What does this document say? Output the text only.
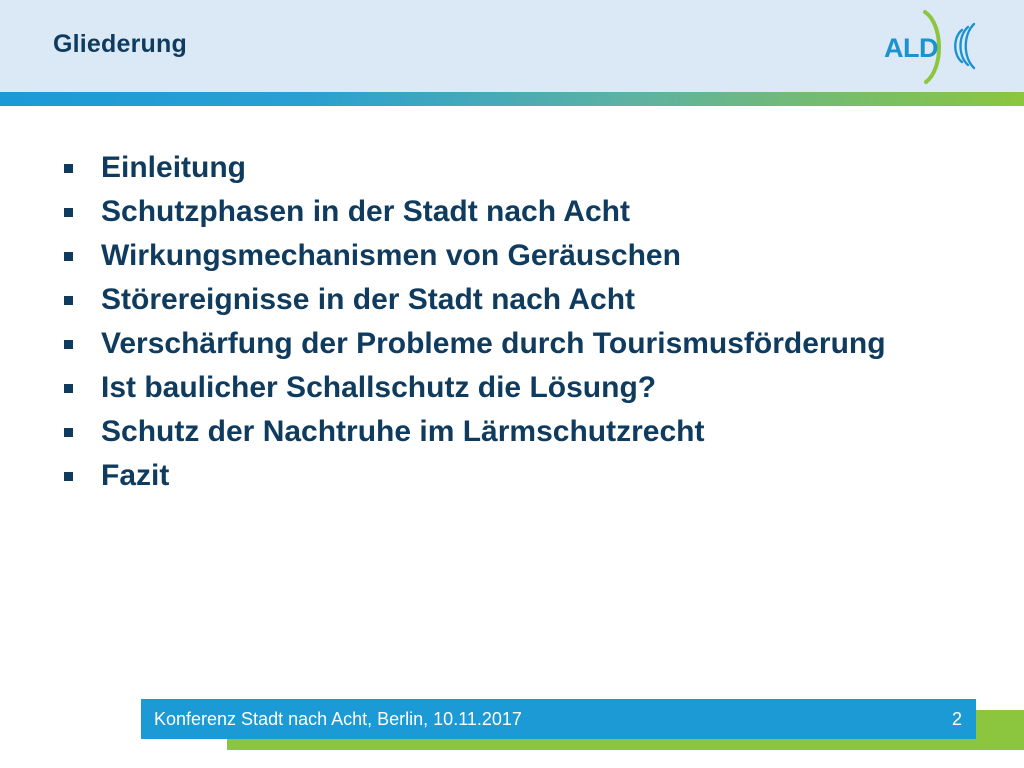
Gliederung	ALD
Einleitung
Schutzphasen in der Stadt nach Acht
Wirkungsmechanismen von Geräuschen
Störereignisse in der Stadt nach Acht
Verschärfung der Probleme durch Tourismusförderung
Ist baulicher Schallschutz die Lösung?
Schutz der Nachtruhe im Lärmschutzrecht
Fazit
Konferenz Stadt nach Acht, Berlin, 10.11.2017	2
